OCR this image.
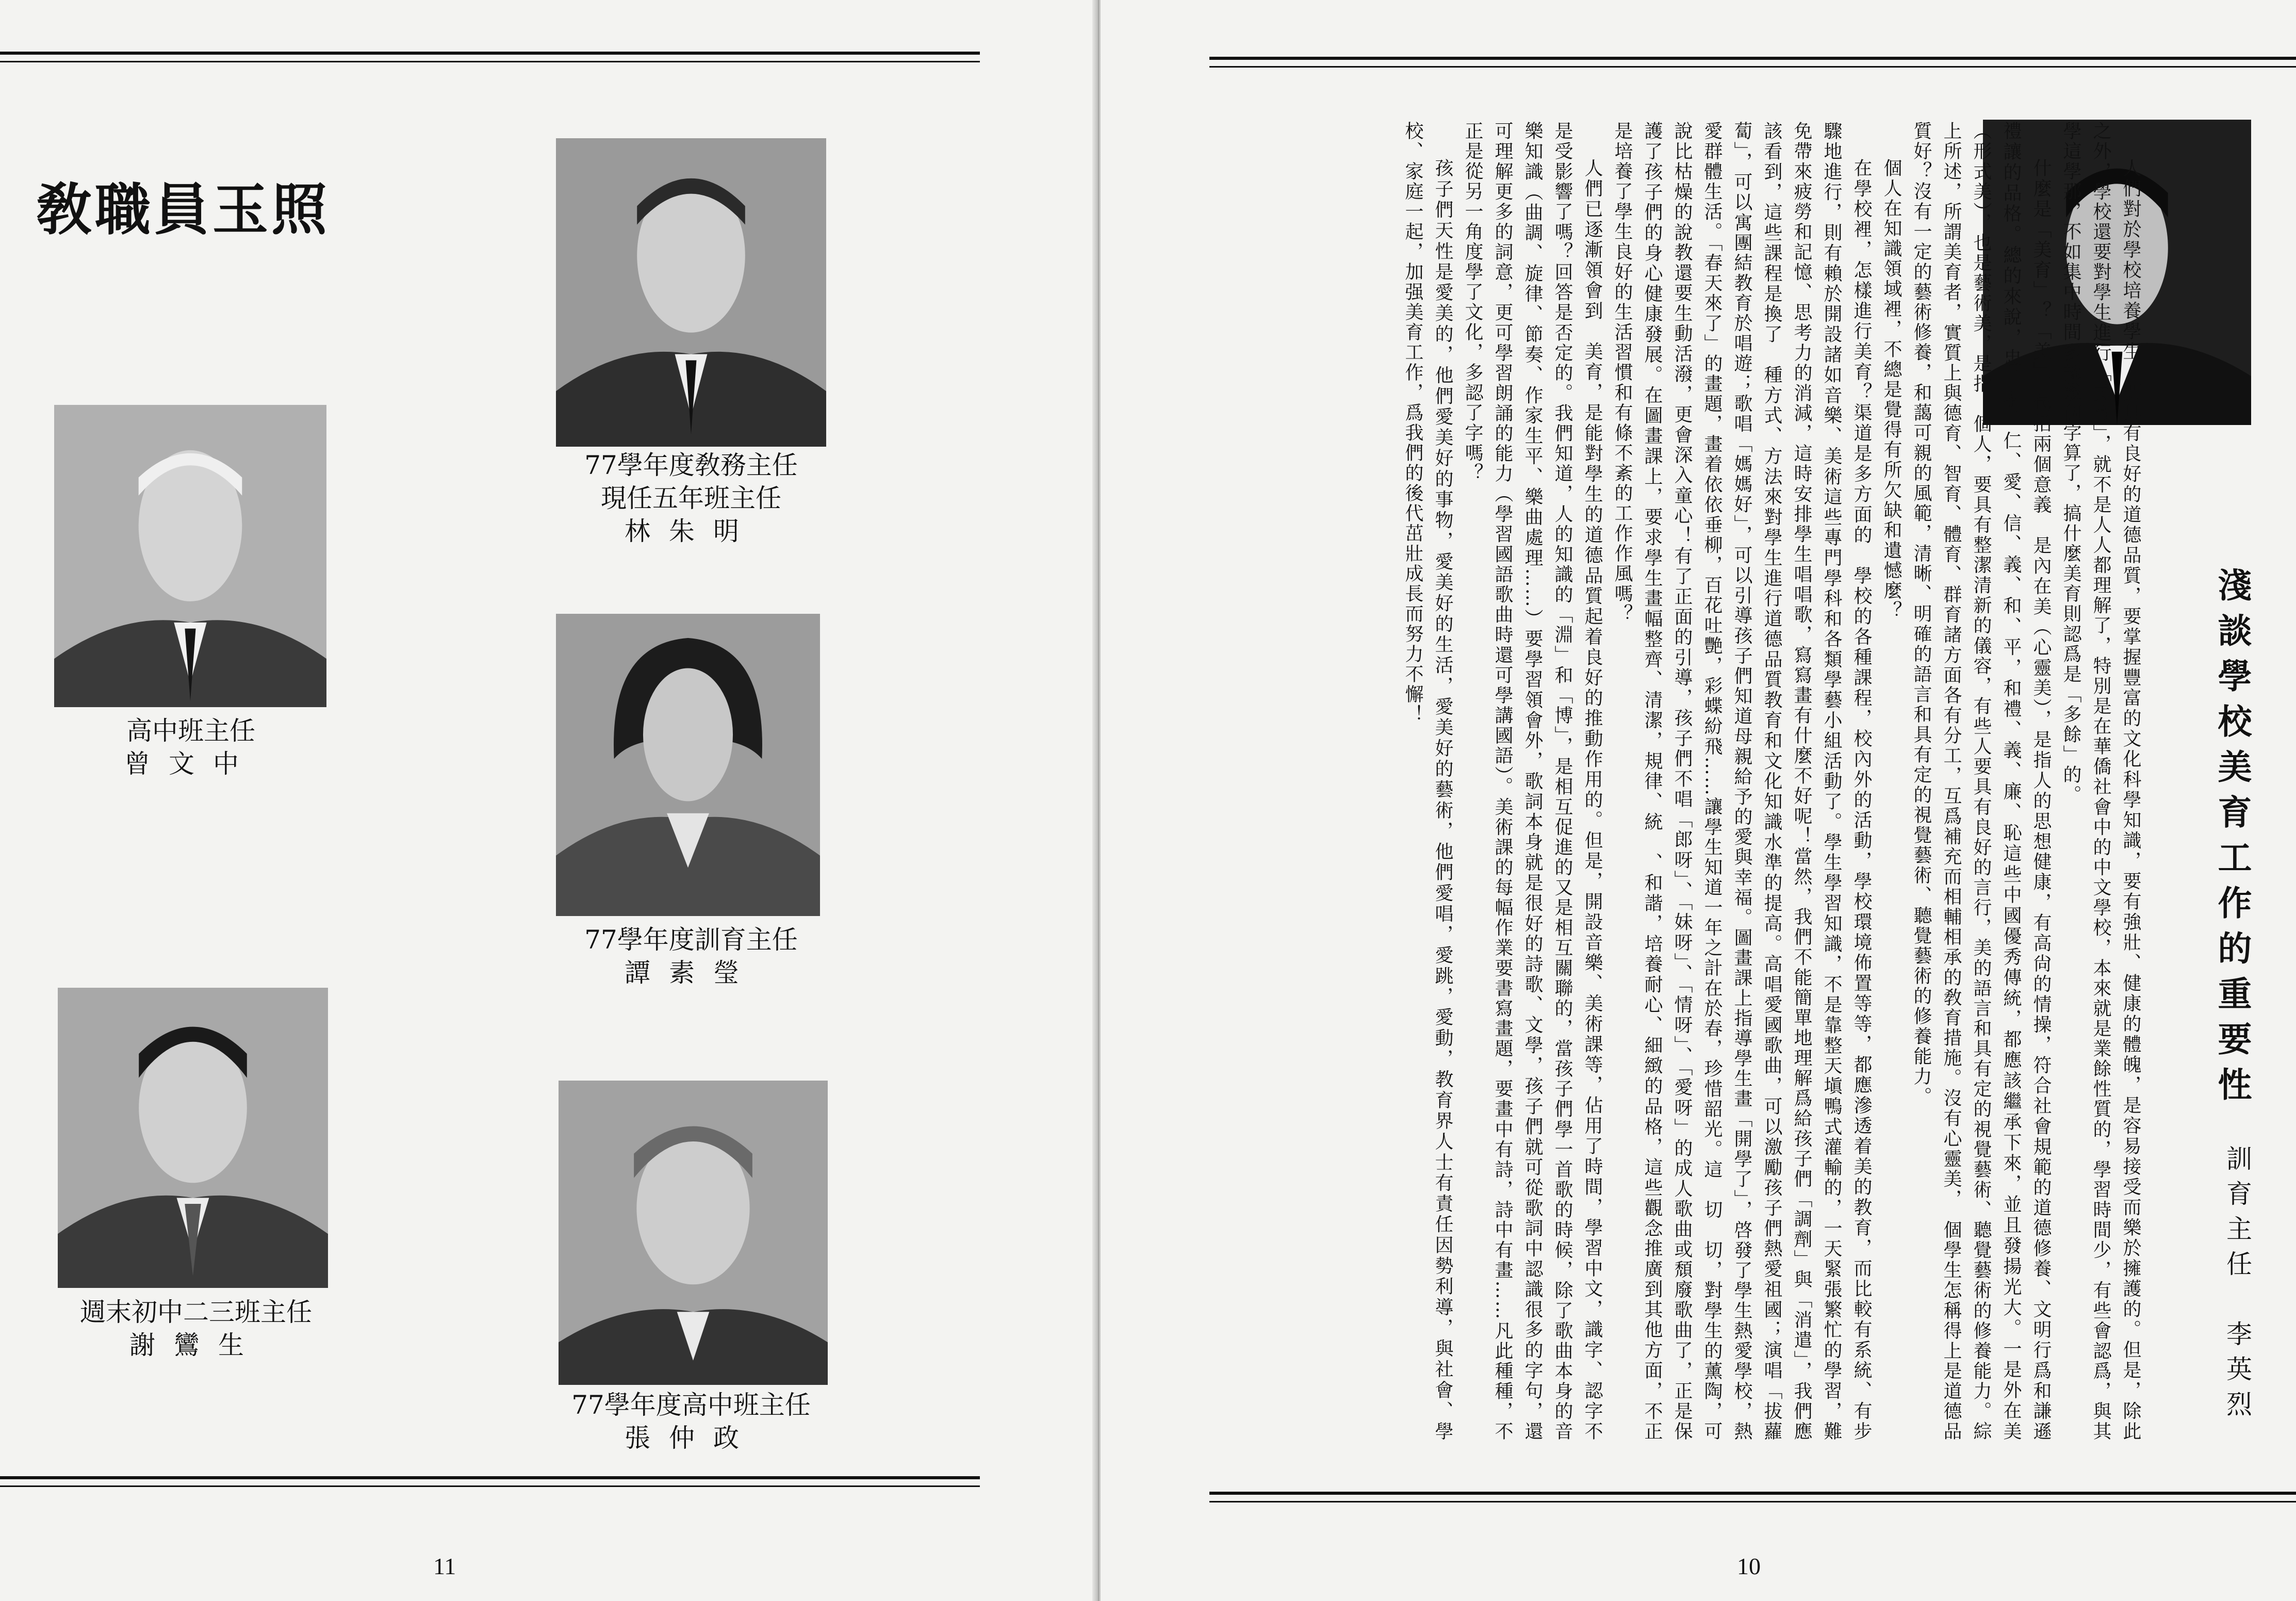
敎職員玉照
77學年度敎務主任
現任五年班主任
林朱明
高中班主任
曾文中
77學年度訓育主任
譚素瑩
週末初中二三班主任
謝鸞生
77學年度高中班主任
張仲政
11
淺談學校美育工作的重要性
訓育主任　李英烈

人們對於學校培養學生，要具有良好的道德品質，要掌握豐富的文化科學知識，要有強壯、健康的體魄，是容易接受而樂於擁護的。但是，除此之外，學校還要對學生進行「美育」，就不是人人都理解了，特別是在華僑社會中的中文學校，本來就是業餘性質的，學習時間少，有些會認爲，與其學這學那，不如集中時間多認幾個字算了，搞什麼美育則認爲是「多餘」的。

什麼是「美育」？「美」，包括兩個意義　是內在美（心靈美），是指人的思想健康，有高尙的情操，符合社會規範的道德修養、文明行爲和謙遜禮讓的品格。總的來說，忠、孝、仁、愛、信、義、和、平，和禮、義、廉、恥這些中國優秀傳統，都應該繼承下來，並且發揚光大。一是外在美（形式美），也是藝術美，是指　個人，要具有整潔清新的儀容，有些人要具有良好的言行，美的語言和具有定的視覺藝術、聽覺藝術的修養能力。綜上所述，所謂美育者，實質上與德育、智育、體育、群育諸方面各有分工，互爲補充而相輔相承的敎育措施。沒有心靈美，　個學生怎稱得上是道德品質好？沒有一定的藝術修養，和藹可親的風範，清晰、明確的語言和具有定的視覺藝術、聽覺藝術的修養能力。

個人在知識領域裡，不總是覺得有所欠缺和遺憾麼？

在學校裡，怎樣進行美育？渠道是多方面的　學校的各種課程，校內外的活動，學校環境佈置等等，都應滲透着美的教育，而比較有系統、有步驟地進行，則有賴於開設諸如音樂、美術這些專門學科和各類學藝小組活動了。學生學習知識，不是靠整天塡鴨式灌輸的，一天緊張繁忙的學習，難免帶來疲勞和記憶、思考力的消減，這時安排學生唱唱歌，寫寫畫有什麼不好呢！當然，我們不能簡單地理解爲給孩子們「調劑」與「消遣」，我們應該看到，這些課程是換了　種方式、方法來對學生進行道德品質教育和文化知識水準的提高。高唱愛國歌曲，可以激勵孩子們熱愛祖國；演唱「拔蘿蔔」，可以寓團結教育於唱遊；歌唱「媽媽好」，可以引導孩子們知道母親給予的愛與幸福。圖畫課上指導學生畫「開學了」，啓發了學生熱愛學校，熱愛群體生活。「春天來了」的畫題，畫着依依垂柳，百花吐艷，彩蝶紛飛……讓學生知道一年之計在於春，珍惜韶光。這　切　切，對學生的薰陶，可說比枯燥的說教還要生動活潑，更會深入童心！有了正面的引導，孩子們不唱「郎呀」、「妹呀」、「情呀」、「愛呀」的成人歌曲或頹廢歌曲了，正是保護了孩子們的身心健康發展。在圖畫課上，要求學生畫幅整齊、清潔，規律、統　、和諧，培養耐心、細緻的品格，這些觀念推廣到其他方面，不正是培養了學生良好的生活習慣和有條不紊的工作作風嗎？

人們已逐漸領會到　美育，是能對學生的道德品質起着良好的推動作用的。但是，開設音樂、美術課等，佔用了時間，學習中文，識字、認字不是受影響了嗎？回答是否定的。我們知道，人的知識的「淵」和「博」，是相互促進的又是相互關聯的，當孩子們學一首歌的時候，除了歌曲本身的音樂知識（曲調、旋律、節奏、作家生平、樂曲處理……）要學習領會外，歌詞本身就是很好的詩歌、文學，孩子們就可從歌詞中認識很多的字句，還可理解更多的詞意，更可學習朗誦的能力（學習國語歌曲時還可學講國語）。美術課的每幅作業要書寫畫題，要畫中有詩，詩中有畫……凡此種種，不正是從另一角度學了文化，多認了字嗎？

孩子們天性是愛美的，他們愛美好的事物，愛美好的生活，愛美好的藝術，他們愛唱，愛跳，愛動，教育界人士有責任因勢利導，與社會、學校、家庭一起，加强美育工作，爲我們的後代茁壯成長而努力不懈！

10
